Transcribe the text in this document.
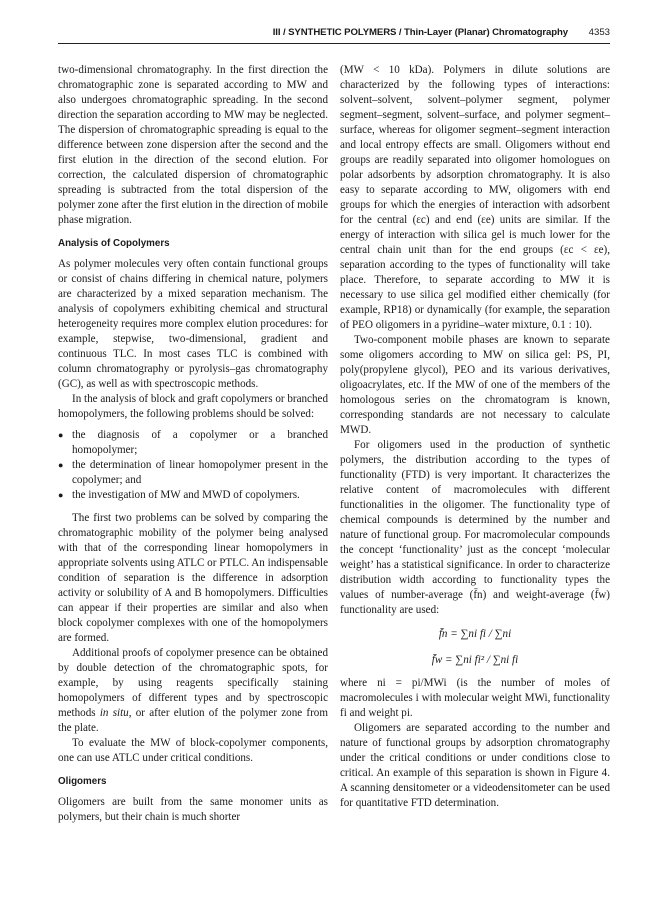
III / SYNTHETIC POLYMERS / Thin-Layer (Planar) Chromatography 4353

two-dimensional chromatography. In the first direction the chromatographic zone is separated according to MW and also undergoes chromatographic spreading. In the second direction the separation according to MW may be neglected. The dispersion of chromatographic spreading is equal to the difference between zone dispersion after the second and the first elution in the direction of the second elution. For correction, the calculated dispersion of chromatographic spreading is subtracted from the total dispersion of the polymer zone after the first elution in the direction of mobile phase migration.

Analysis of Copolymers

As polymer molecules very often contain functional groups or consist of chains differing in chemical nature, polymers are characterized by a mixed separation mechanism. The analysis of copolymers exhibiting chemical and structural heterogeneity requires more complex elution procedures: for example, stepwise, two-dimensional, gradient and continuous TLC. In most cases TLC is combined with column chromatography or pyrolysis–gas chromatography (GC), as well as with spectroscopic methods.

In the analysis of block and graft copolymers or branched homopolymers, the following problems should be solved:

● the diagnosis of a copolymer or a branched homopolymer;
● the determination of linear homopolymer present in the copolymer; and
● the investigation of MW and MWD of copolymers.

The first two problems can be solved by comparing the chromatographic mobility of the polymer being analysed with that of the corresponding linear homopolymers in appropriate solvents using ATLC or PTLC. An indispensable condition of separation is the difference in adsorption activity or solubility of A and B homopolymers. Difficulties can appear if their properties are similar and also when block copolymer complexes with one of the homopolymers are formed.

Additional proofs of copolymer presence can be obtained by double detection of the chromatographic spots, for example, by using reagents specifically staining homopolymers of different types and by spectroscopic methods in situ, or after elution of the polymer zone from the plate.

To evaluate the MW of block-copolymer components, one can use ATLC under critical conditions.

Oligomers

Oligomers are built from the same monomer units as polymers, but their chain is much shorter

(MW < 10 kDa). Polymers in dilute solutions are characterized by the following types of interactions: solvent–solvent, solvent–polymer segment, polymer segment–segment, solvent–surface, and polymer segment–surface, whereas for oligomer segment–segment interaction and local entropy effects are small. Oligomers without end groups are readily separated into oligomer homologues on polar adsorbents by adsorption chromatography. It is also easy to separate according to MW, oligomers with end groups for which the energies of interaction with adsorbent for the central (εc) and end (εe) units are similar. If the energy of interaction with silica gel is much lower for the central chain unit than for the end groups (εc < εe), separation according to the types of functionality will take place. Therefore, to separate according to MW it is necessary to use silica gel modified either chemically (for example, RP18) or dynamically (for example, the separation of PEO oligomers in a pyridine–water mixture, 0.1 : 10).

Two-component mobile phases are known to separate some oligomers according to MW on silica gel: PS, PI, poly(propylene glycol), PEO and its various derivatives, oligoacrylates, etc. If the MW of one of the members of the homologous series on the chromatogram is known, corresponding standards are not necessary to calculate MWD.

For oligomers used in the production of synthetic polymers, the distribution according to the types of functionality (FTD) is very important. It characterizes the relative content of macromolecules with different functionalities in the oligomer. The functionality type of chemical compounds is determined by the number and nature of functional group. For macromolecular compounds the concept ‘functionality’ just as the concept ‘molecular weight’ has a statistical significance. In order to characterize distribution width according to functionality types the values of number-average (f̄n) and weight-average (f̄w) functionality are used:

f̄n = ∑ni fi / ∑ni
f̄w = ∑ni fi² / ∑ni fi

where ni = pi/MWi (is the number of moles of macromolecules i with molecular weight MWi, functionality fi and weight pi.

Oligomers are separated according to the number and nature of functional groups by adsorption chromatography under the critical conditions or under conditions close to critical. An example of this separation is shown in Figure 4. A scanning densitometer or a videodensitometer can be used for quantitative FTD determination.
